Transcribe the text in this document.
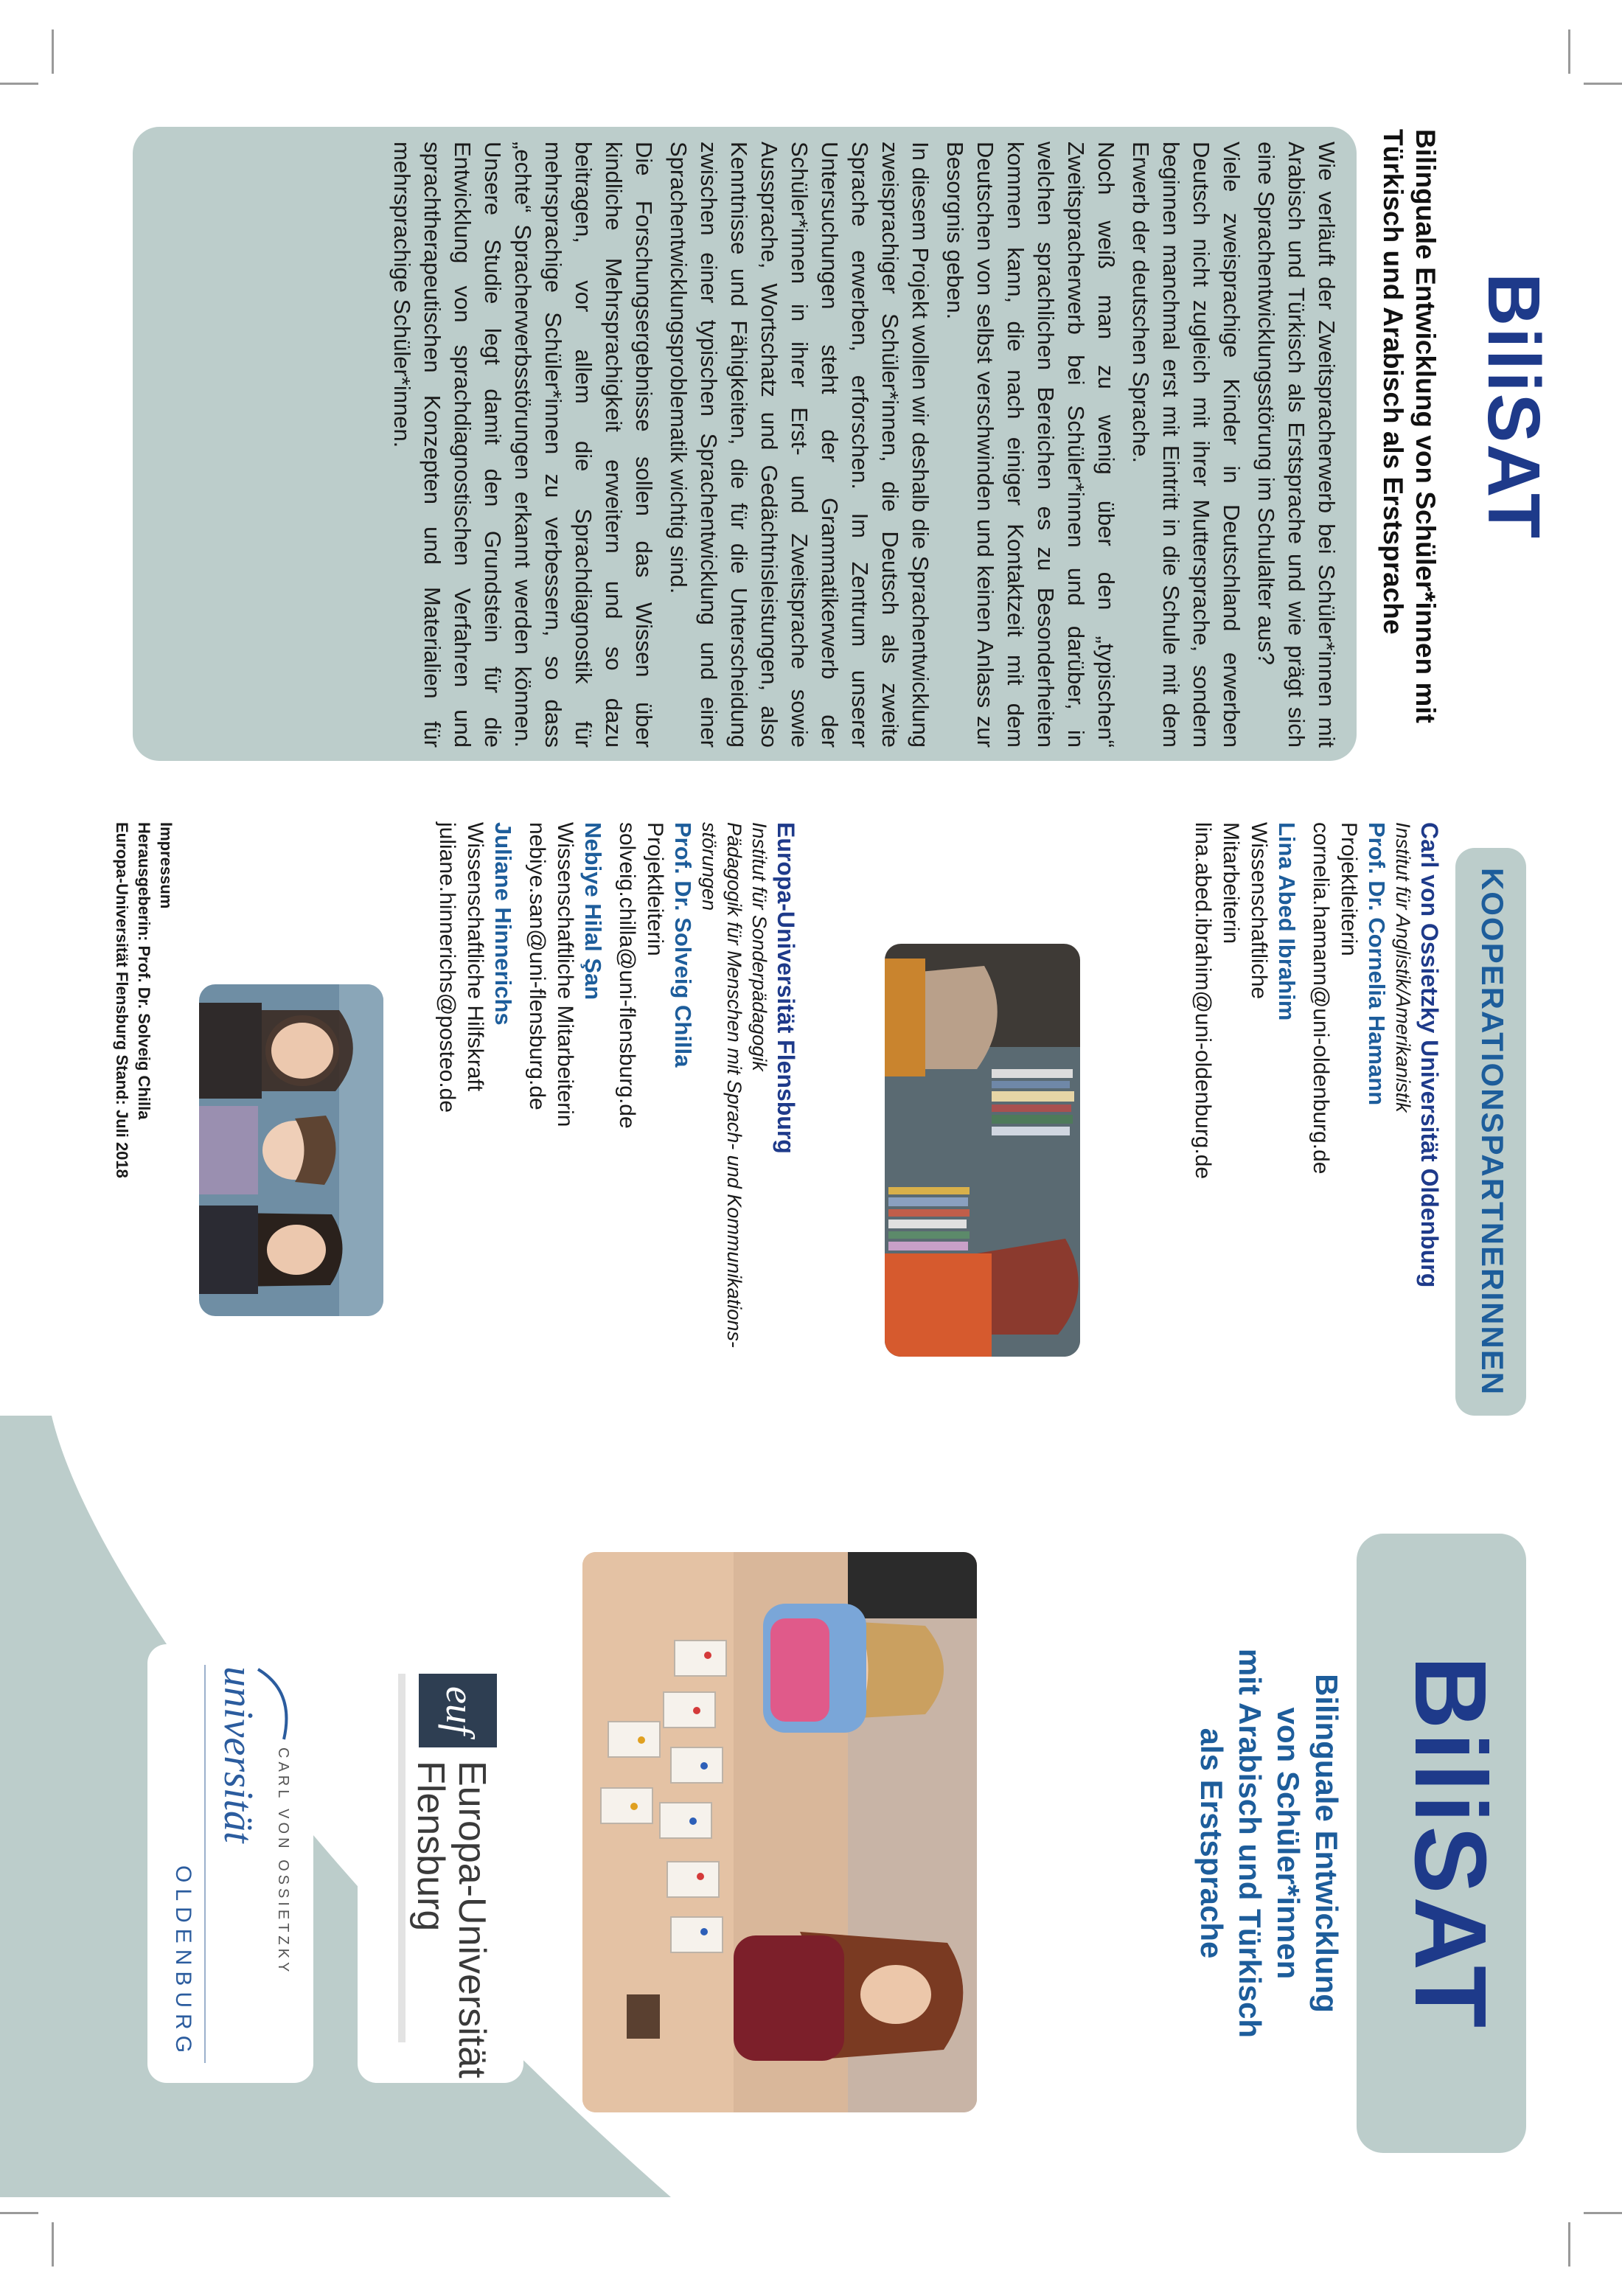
BiliSAT
Bilinguale Entwicklung von Schüler*innen mit Türkisch und Arabisch als Erstsprache

Wie verläuft der Zweitspracherwerb bei Schüler*innen mit Arabisch und Türkisch als Erstsprache und wie prägt sich eine Sprachentwicklungsstörung im Schulalter aus?

Viele zweisprachige Kinder in Deutschland erwerben Deutsch nicht zugleich mit ihrer Muttersprache, sondern beginnen manchmal erst mit Eintritt in die Schule mit dem Erwerb der deutschen Sprache.

Noch weiß man zu wenig über den „typischen“ Zweitspracherwerb bei Schüler*innen und darüber, in welchen sprachlichen Bereichen es zu Besonderheiten kommen kann, die nach einiger Kontaktzeit mit dem Deutschen von selbst verschwinden und keinen Anlass zur Besorgnis geben.

In diesem Projekt wollen wir deshalb die Sprachentwicklung zweisprachiger Schüler*innen, die Deutsch als zweite Sprache erwerben, erforschen. Im Zentrum unserer Untersuchungen steht der Grammatikerwerb der Schüler*innen in ihrer Erst- und Zweitsprache sowie Aussprache, Wortschatz und Gedächtnisleistungen, also Kenntnisse und Fähigkeiten, die für die Unterscheidung zwischen einer typischen Sprachentwicklung und einer Sprachentwicklungsproblematik wichtig sind.

Die Forschungsergebnisse sollen das Wissen über kindliche Mehrsprachigkeit erweitern und so dazu beitragen, vor allem die Sprachdiagnostik für mehrsprachige Schüler*innen zu verbessern, so dass „echte“ Spracherwerbsstörungen erkannt werden können. Unsere Studie legt damit den Grundstein für die Entwicklung von sprachdiagnostischen Verfahren und sprachtherapeutischen Konzepten und Materialien für mehrsprachige Schüler*innen.

KOOPERATIONSPARTNERINNEN
Carl von Ossietzky Universität Oldenburg
Institut für Anglistik/Amerikanistik
Prof. Dr. Cornelia Hamann
Projektleiterin
cornelia.hamann@uni-oldenburg.de
Lina Abed Ibrahim
Wissenschaftliche
Mitarbeiterin
lina.abed.ibrahim@uni-oldenburg.de
Europa-Universität Flensburg
Institut für Sonderpädagogik
Pädagogik für Menschen mit Sprach- und Kommunikations-
störungen
Prof. Dr. Solveig Chilla
Projektleiterin
solveig.chilla@uni-flensburg.de
Nebiye Hilal Şan
Wissenschaftliche Mitarbeiterin
nebiye.san@uni-flensburg.de
Juliane Hinnerichs
Wissenschaftliche Hilfskraft
juliane.hinnerichs@posteo.de
Impressum
Herausgeberin: Prof. Dr. Solveig Chilla
Europa-Universität Flensburg Stand: Juli 2018
BiliSAT
Bilinguale Entwicklung
von Schüler*innen
mit Arabisch und Türkisch
als Erstsprache
euf
Europa-Universität
Flensburg
CARL VON OSSIETZKY
universität
OLDENBURG
